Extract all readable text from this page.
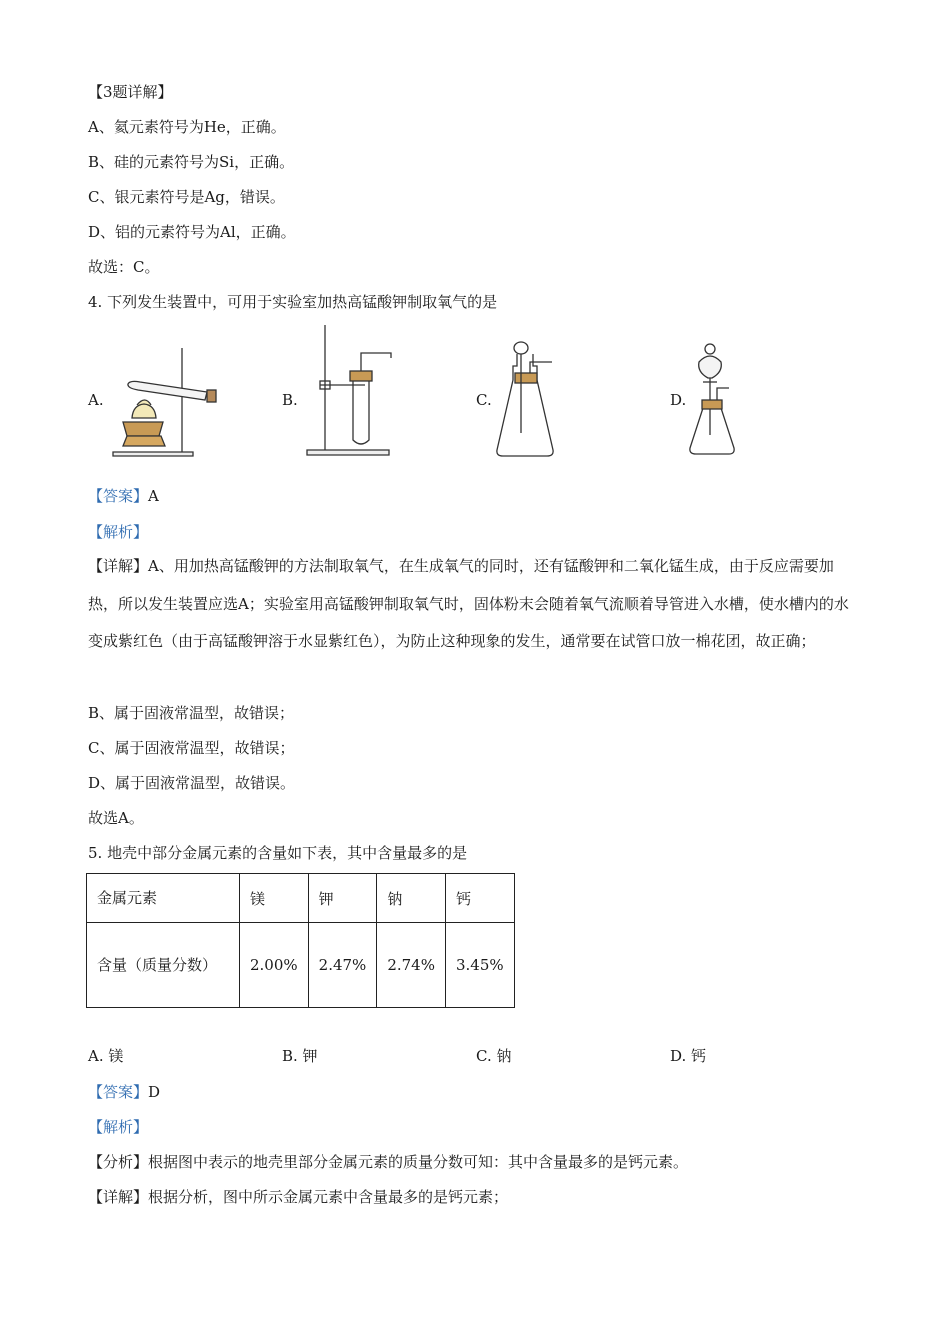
【3题详解】
A、氦元素符号为He，正确。
B、硅的元素符号为Si，正确。
C、银元素符号是Ag，错误。
D、铝的元素符号为Al，正确。
故选：C。
4. 下列发生装置中，可用于实验室加热高锰酸钾制取氧气的是
A.	B.	C.	D.
【答案】A
【解析】
【详解】A、用加热高锰酸钾的方法制取氧气，在生成氧气的同时，还有锰酸钾和二氧化锰生成，由于反应需要加热，所以发生装置应选A；实验室用高锰酸钾制取氧气时，固体粉末会随着氧气流顺着导管进入水槽，使水槽内的水变成紫红色（由于高锰酸钾溶于水显紫红色），为防止这种现象的发生，通常要在试管口放一棉花团，故正确；
B、属于固液常温型，故错误；
C、属于固液常温型，故错误；
D、属于固液常温型，故错误。
故选A。
5. 地壳中部分金属元素的含量如下表，其中含量最多的是
金属元素	镁	钾	钠	钙
含量（质量分数）	2.00%	2.47%	2.74%	3.45%
A. 镁	B. 钾	C. 钠	D. 钙
【答案】D
【解析】
【分析】根据图中表示的地壳里部分金属元素的质量分数可知：其中含量最多的是钙元素。
【详解】根据分析，图中所示金属元素中含量最多的是钙元素；
